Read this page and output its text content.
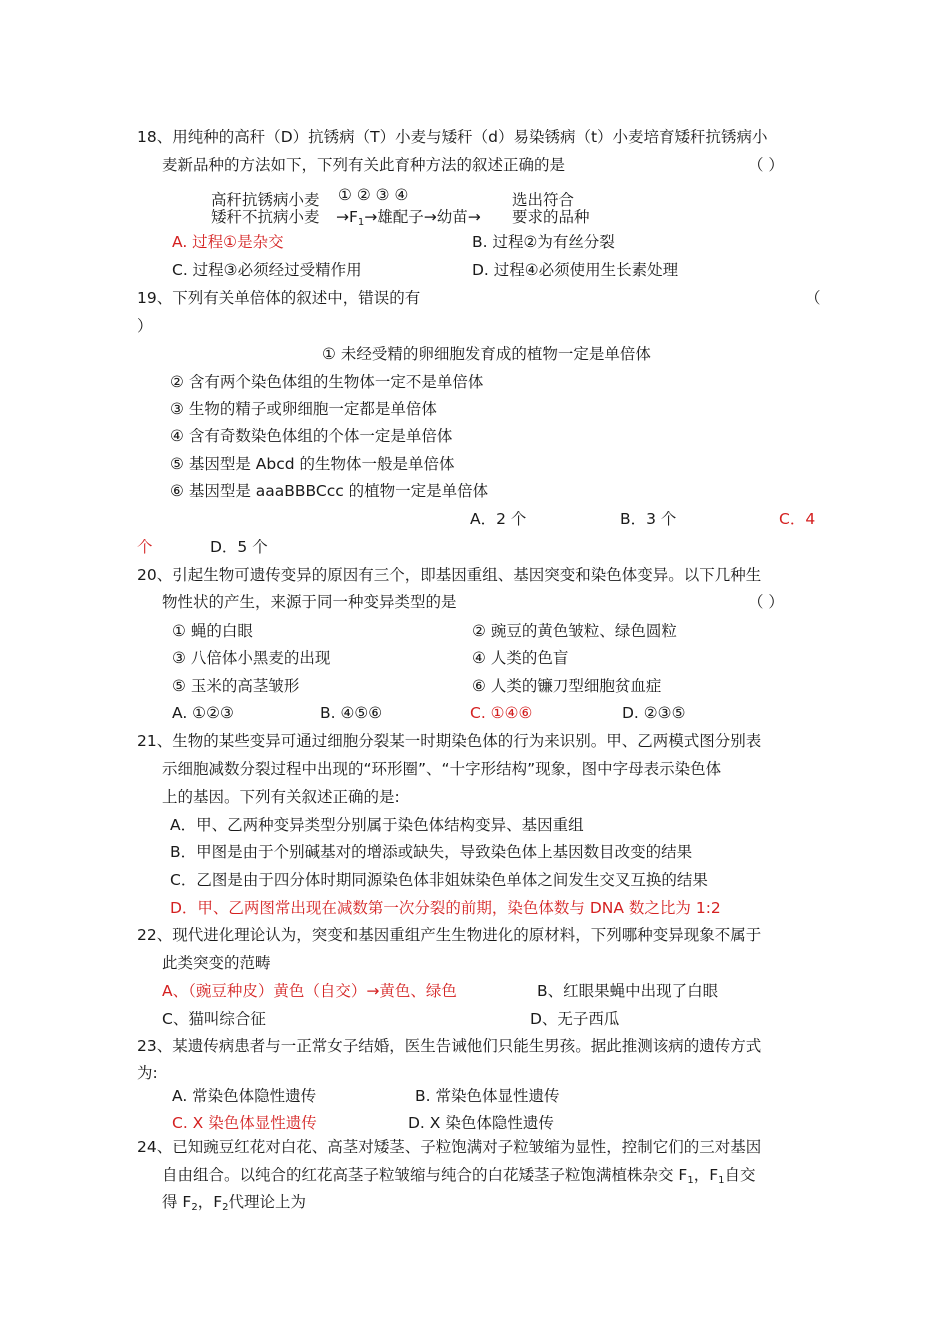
18、用纯种的高秆（D）抗锈病（T）小麦与矮秆（d）易染锈病（t）小麦培育矮秆抗锈病小
麦新品种的方法如下，下列有关此育种方法的叙述正确的是	（ ）
高秆抗锈病小麦
矮秆不抗病小麦
① ② ③ ④
$\to F_1\to$雄配子→幼苗→
选出符合
要求的品种
A. 过程①是杂交	B. 过程②为有丝分裂
C. 过程③必须经过受精作用	D. 过程④必须使用生长素处理
19、下列有关单倍体的叙述中，错误的有	（
）
① 未经受精的卵细胞发育成的植物一定是单倍体
② 含有两个染色体组的生物体一定不是单倍体
③ 生物的精子或卵细胞一定都是单倍体
④ 含有奇数染色体组的个体一定是单倍体
⑤ 基因型是 Abcd 的生物体一般是单倍体
⑥ 基因型是 aaaBBBCcc 的植物一定是单倍体
A．2 个	B．3 个	C．4
个	D．5 个
20、引起生物可遗传变异的原因有三个，即基因重组、基因突变和染色体变异。以下几种生
物性状的产生，来源于同一种变异类型的是	（ ）
① 蝇的白眼	② 豌豆的黄色皱粒、绿色圆粒
③ 八倍体小黑麦的出现	④ 人类的色盲
⑤ 玉米的高茎皱形	⑥ 人类的镰刀型细胞贫血症
A. ①②③	B. ④⑤⑥	C. ①④⑥	D. ②③⑤
21、生物的某些变异可通过细胞分裂某一时期染色体的行为来识别。甲、乙两模式图分别表
示细胞减数分裂过程中出现的“环形圈”、“十字形结构”现象，图中字母表示染色体
上的基因。下列有关叙述正确的是:
A．甲、乙两种变异类型分别属于染色体结构变异、基因重组
B．甲图是由于个别碱基对的增添或缺失，导致染色体上基因数目改变的结果
C．乙图是由于四分体时期同源染色体非姐妹染色单体之间发生交叉互换的结果
D．甲、乙两图常出现在减数第一次分裂的前期，染色体数与 DNA 数之比为 1:2
22、现代进化理论认为，突变和基因重组产生生物进化的原材料，下列哪种变异现象不属于
此类突变的范畴
A、（豌豆种皮）黄色（自交）→黄色、绿色	B、红眼果蝇中出现了白眼
C、猫叫综合征	D、无子西瓜
23、某遗传病患者与一正常女子结婚，医生告诫他们只能生男孩。据此推测该病的遗传方式
为:
A. 常染色体隐性遗传	B. 常染色体显性遗传
C. X 染色体显性遗传	D. X 染色体隐性遗传
24、已知豌豆红花对白花、高茎对矮茎、子粒饱满对子粒皱缩为显性，控制它们的三对基因
自由组合。以纯合的红花高茎子粒皱缩与纯合的白花矮茎子粒饱满植株杂交 $F_1$，$F_1$自交
得 $F_2$，$F_2$代理论上为
